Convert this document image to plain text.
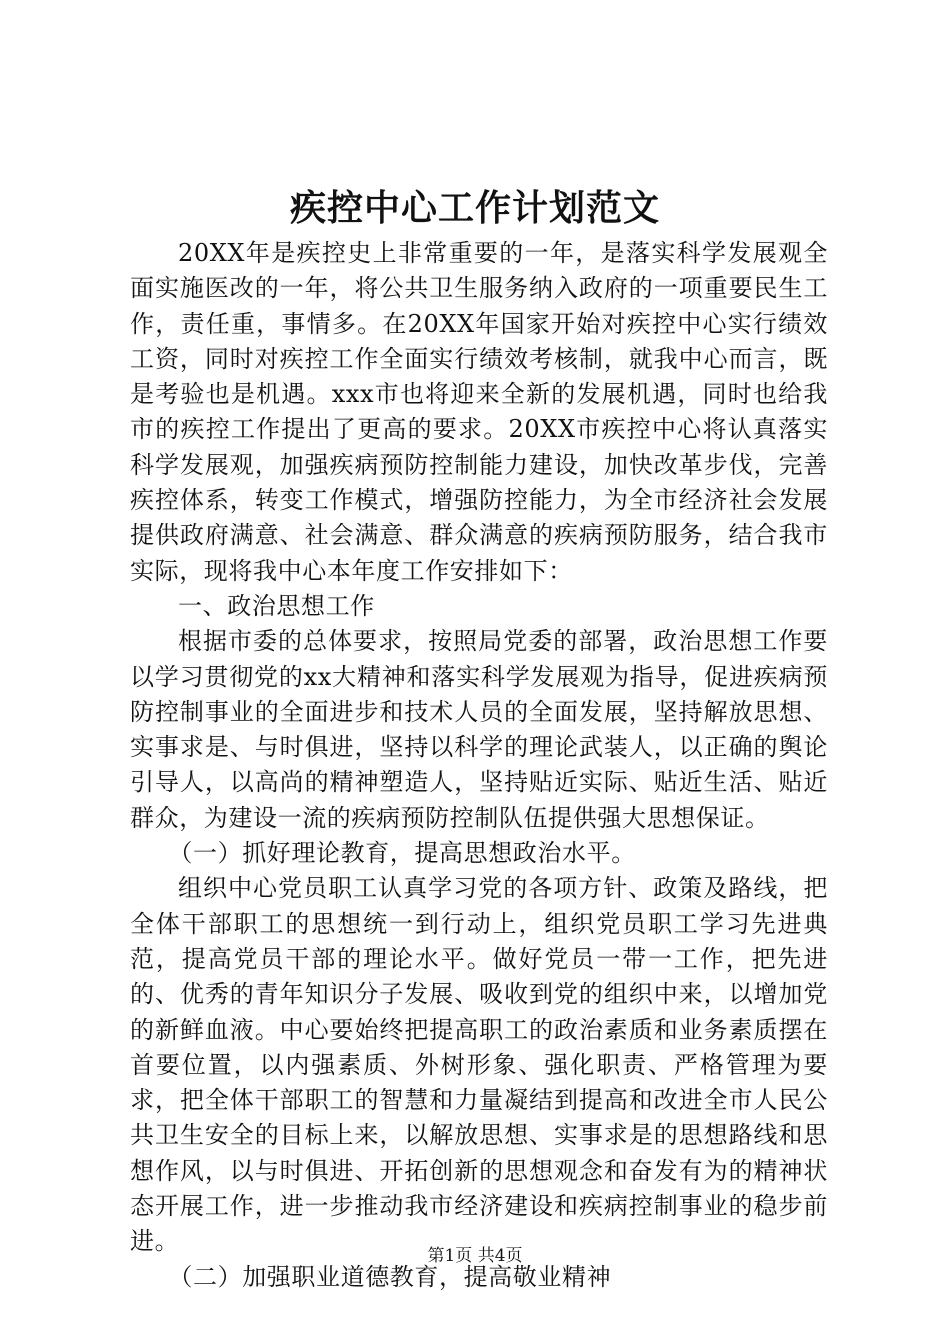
疾控中心工作计划范文

20XX年是疾控史上非常重要的一年，是落实科学发展观全面实施医改的一年，将公共卫生服务纳入政府的一项重要民生工作，责任重，事情多。在20XX年国家开始对疾控中心实行绩效工资，同时对疾控工作全面实行绩效考核制，就我中心而言，既是考验也是机遇。xxx市也将迎来全新的发展机遇，同时也给我市的疾控工作提出了更高的要求。20XX市疾控中心将认真落实科学发展观，加强疾病预防控制能力建设，加快改革步伐，完善疾控体系，转变工作模式，增强防控能力，为全市经济社会发展提供政府满意、社会满意、群众满意的疾病预防服务，结合我市实际，现将我中心本年度工作安排如下：

一、政治思想工作

根据市委的总体要求，按照局党委的部署，政治思想工作要以学习贯彻党的xx大精神和落实科学发展观为指导，促进疾病预防控制事业的全面进步和技术人员的全面发展，坚持解放思想、实事求是、与时俱进，坚持以科学的理论武装人，以正确的舆论引导人，以高尚的精神塑造人，坚持贴近实际、贴近生活、贴近群众，为建设一流的疾病预防控制队伍提供强大思想保证。

（一）抓好理论教育，提高思想政治水平。

组织中心党员职工认真学习党的各项方针、政策及路线，把全体干部职工的思想统一到行动上，组织党员职工学习先进典范，提高党员干部的理论水平。做好党员一带一工作，把先进的、优秀的青年知识分子发展、吸收到党的组织中来，以增加党的新鲜血液。中心要始终把提高职工的政治素质和业务素质摆在首要位置，以内强素质、外树形象、强化职责、严格管理为要求，把全体干部职工的智慧和力量凝结到提高和改进全市人民公共卫生安全的目标上来，以解放思想、实事求是的思想路线和思想作风，以与时俱进、开拓创新的思想观念和奋发有为的精神状态开展工作，进一步推动我市经济建设和疾病控制事业的稳步前进。

（二）加强职业道德教育，提高敬业精神

第1页 共4页
